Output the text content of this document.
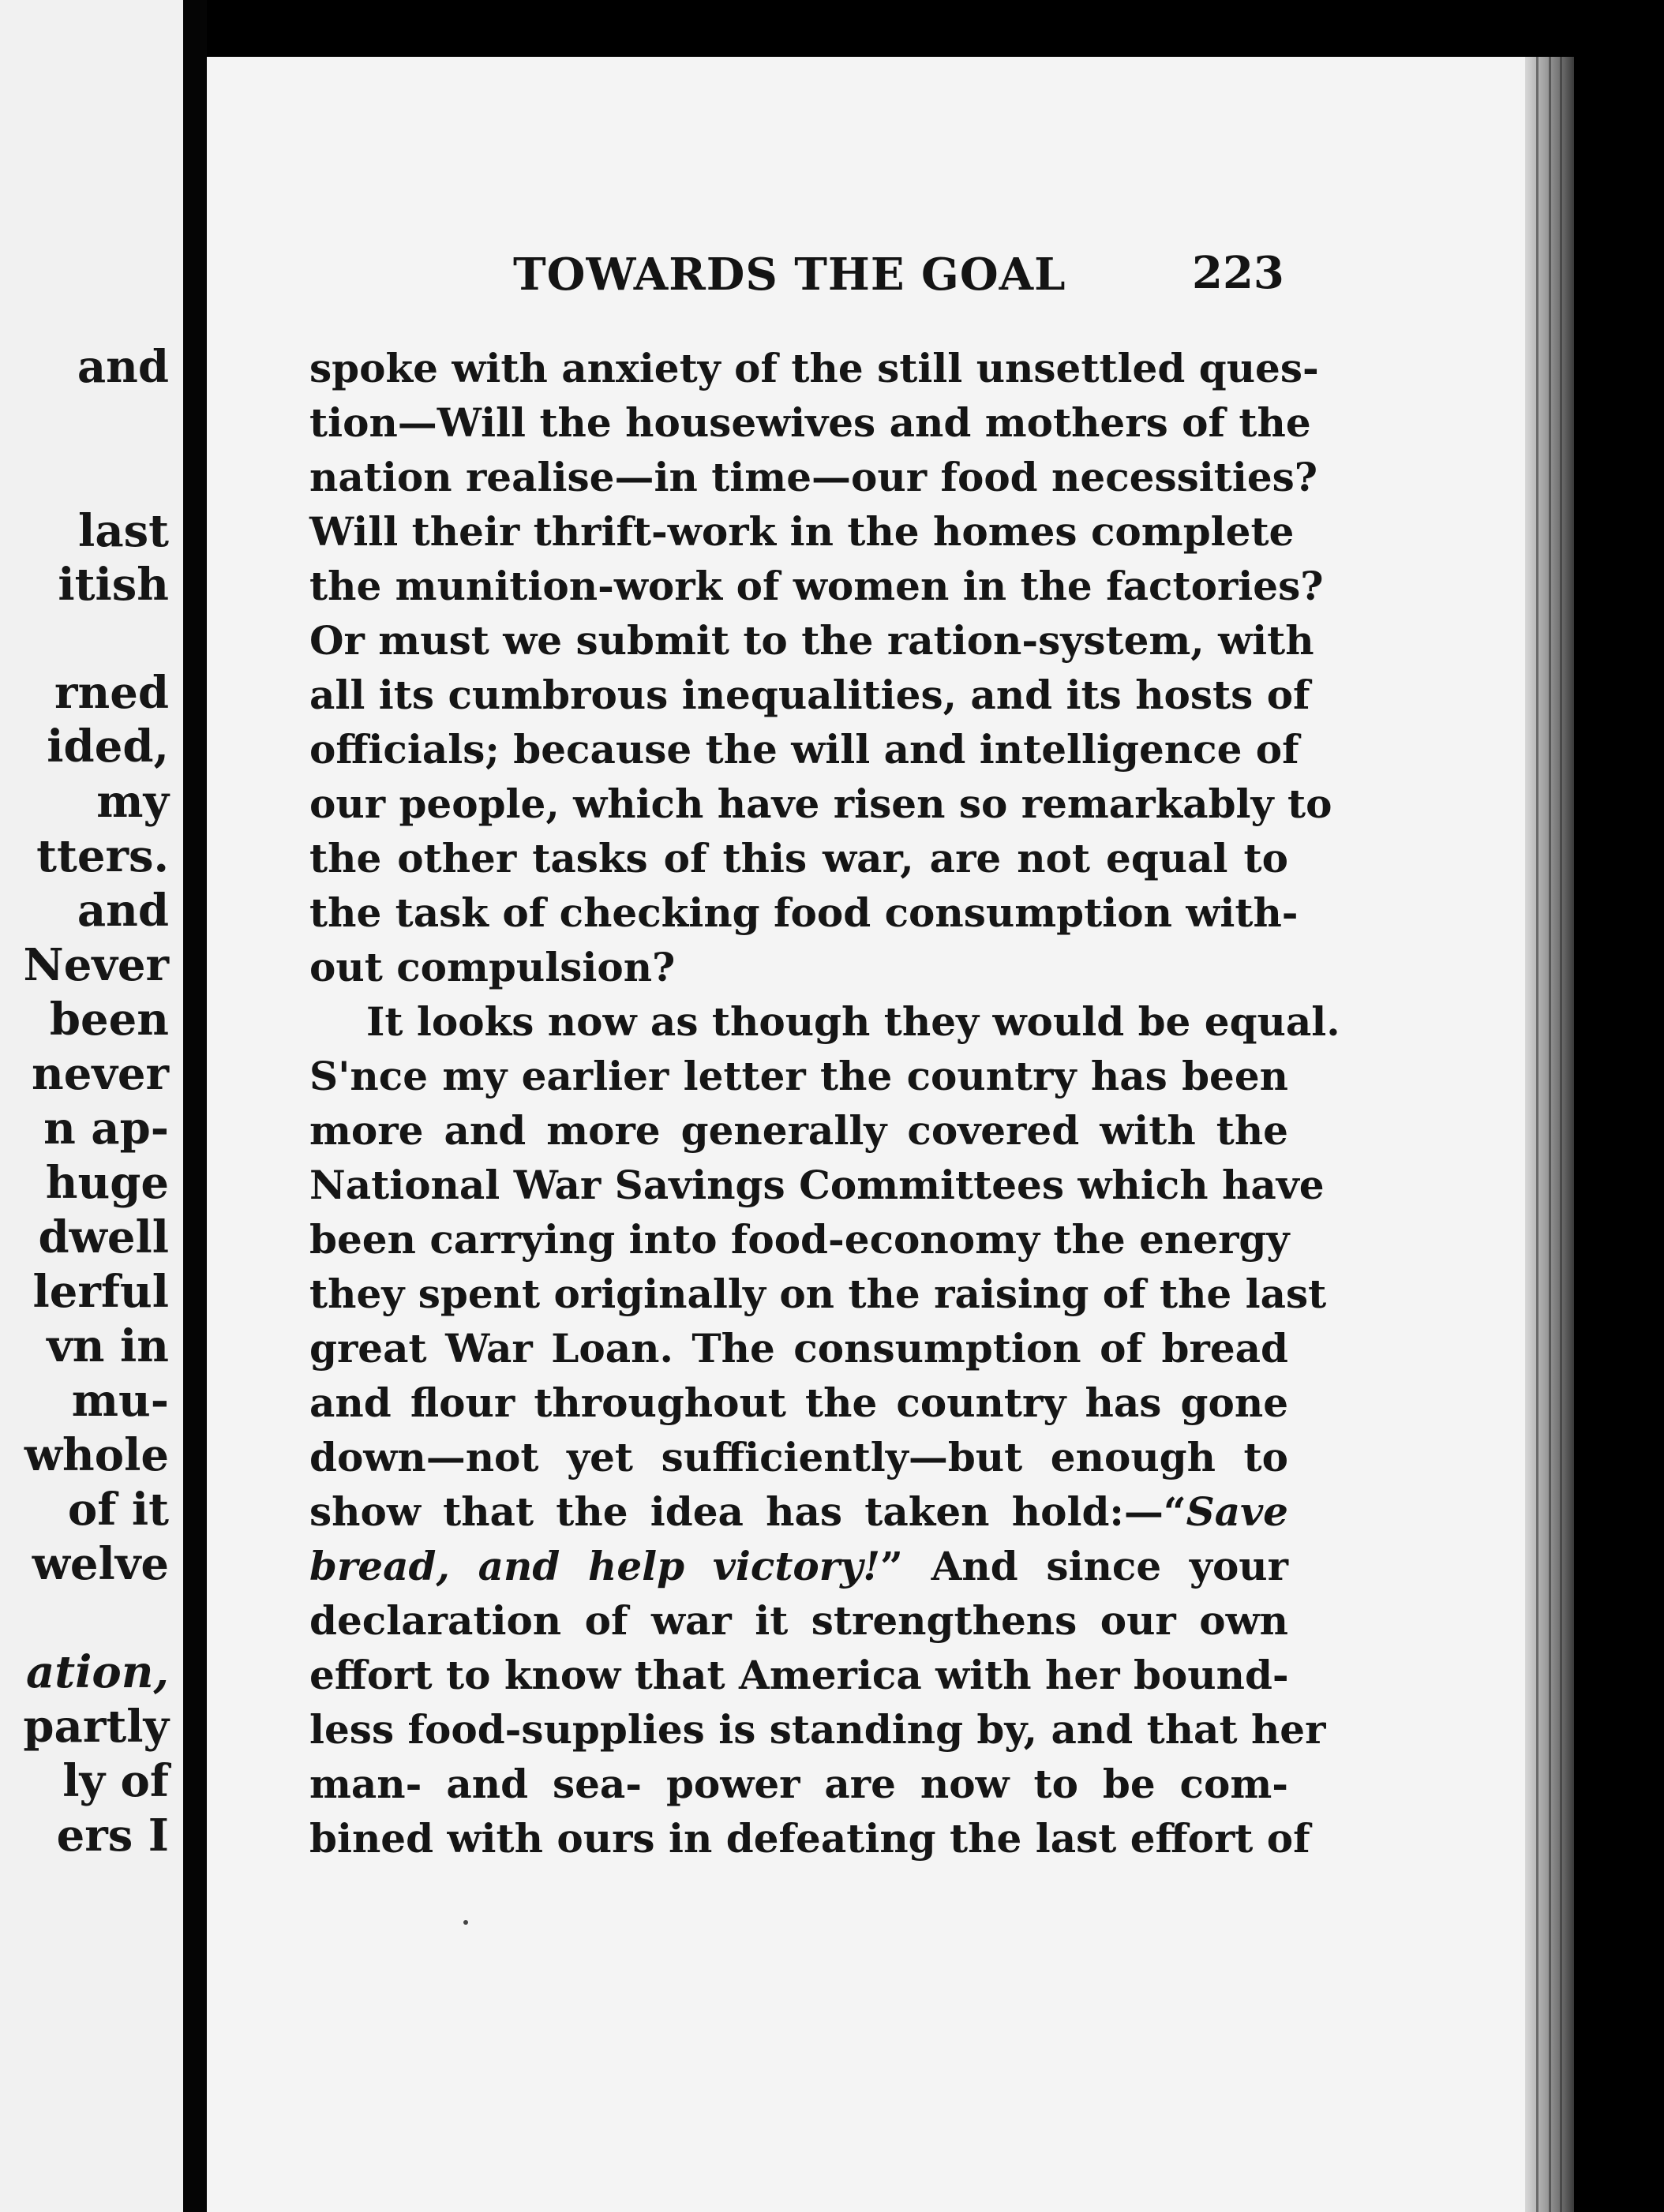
and
last
itish
rned
ided,
my
tters.
and
Never
been
never
n ap-
huge
dwell
lerful
vn in
mu-
whole
of it
welve
ation,
partly
ly of
ers I
TOWARDS THE GOAL	223
spoke with anxiety of the still unsettled ques-
tion—Will the housewives and mothers of the
nation realise—in time—our food necessities?
Will their thrift-work in the homes complete
the munition-work of women in the factories?
Or must we submit to the ration-system, with
all its cumbrous inequalities, and its hosts of
officials; because the will and intelligence of
our people, which have risen so remarkably to
the other tasks of this war, are not equal to
the task of checking food consumption with-
out compulsion?
It looks now as though they would be equal.
S'nce my earlier letter the country has been
more and more generally covered with the
National War Savings Committees which have
been carrying into food-economy the energy
they spent originally on the raising of the last
great War Loan. The consumption of bread
and flour throughout the country has gone
down—not yet sufficiently—but enough to
show that the idea has taken hold:—“Save
bread, and help victory!” And since your
declaration of war it strengthens our own
effort to know that America with her bound-
less food-supplies is standing by, and that her
man- and sea- power are now to be com-
bined with ours in defeating the last effort of
